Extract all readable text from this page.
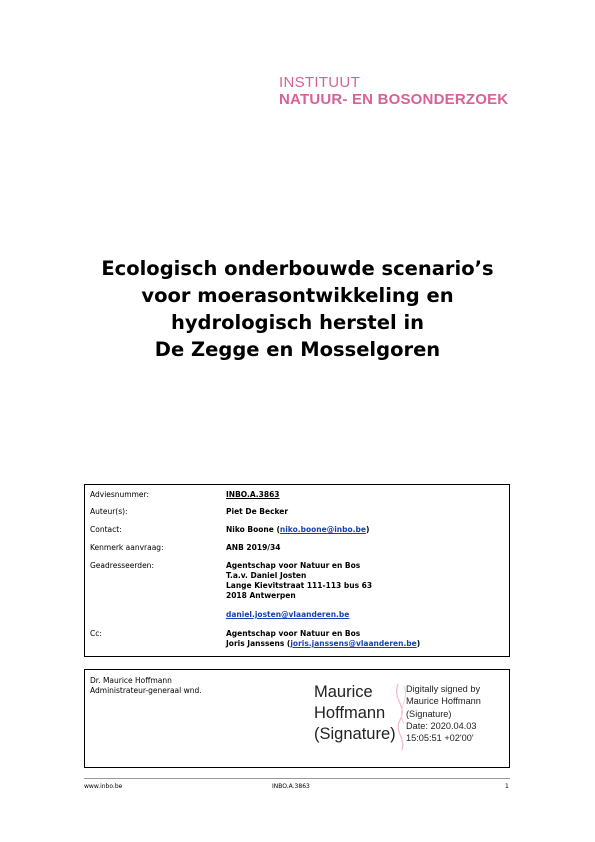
INSTITUUT
NATUUR- EN BOSONDERZOEK
Ecologisch onderbouwde scenario’s
voor moerasontwikkeling en
hydrologisch herstel in
De Zegge en Mosselgoren
Adviesnummer:	INBO.A.3863
Auteur(s):	Piet De Becker
Contact:	Niko Boone (niko.boone@inbo.be)
Kenmerk aanvraag:	ANB 2019/34
Geadresseerden:	Agentschap voor Natuur en Bos
T.a.v. Daniel Josten
Lange Kievitstraat 111-113 bus 63
2018 Antwerpen
daniel.josten@vlaanderen.be
Cc:	Agentschap voor Natuur en Bos
Joris Janssens (joris.janssens@vlaanderen.be)
Dr. Maurice Hoffmann
Administrateur-generaal wnd.	Maurice
Hoffmann
(Signature)
Digitally signed by
Maurice Hoffmann
(Signature)
Date: 2020.04.03
15:05:51 +02'00'
www.inbo.be	INBO.A.3863	1
